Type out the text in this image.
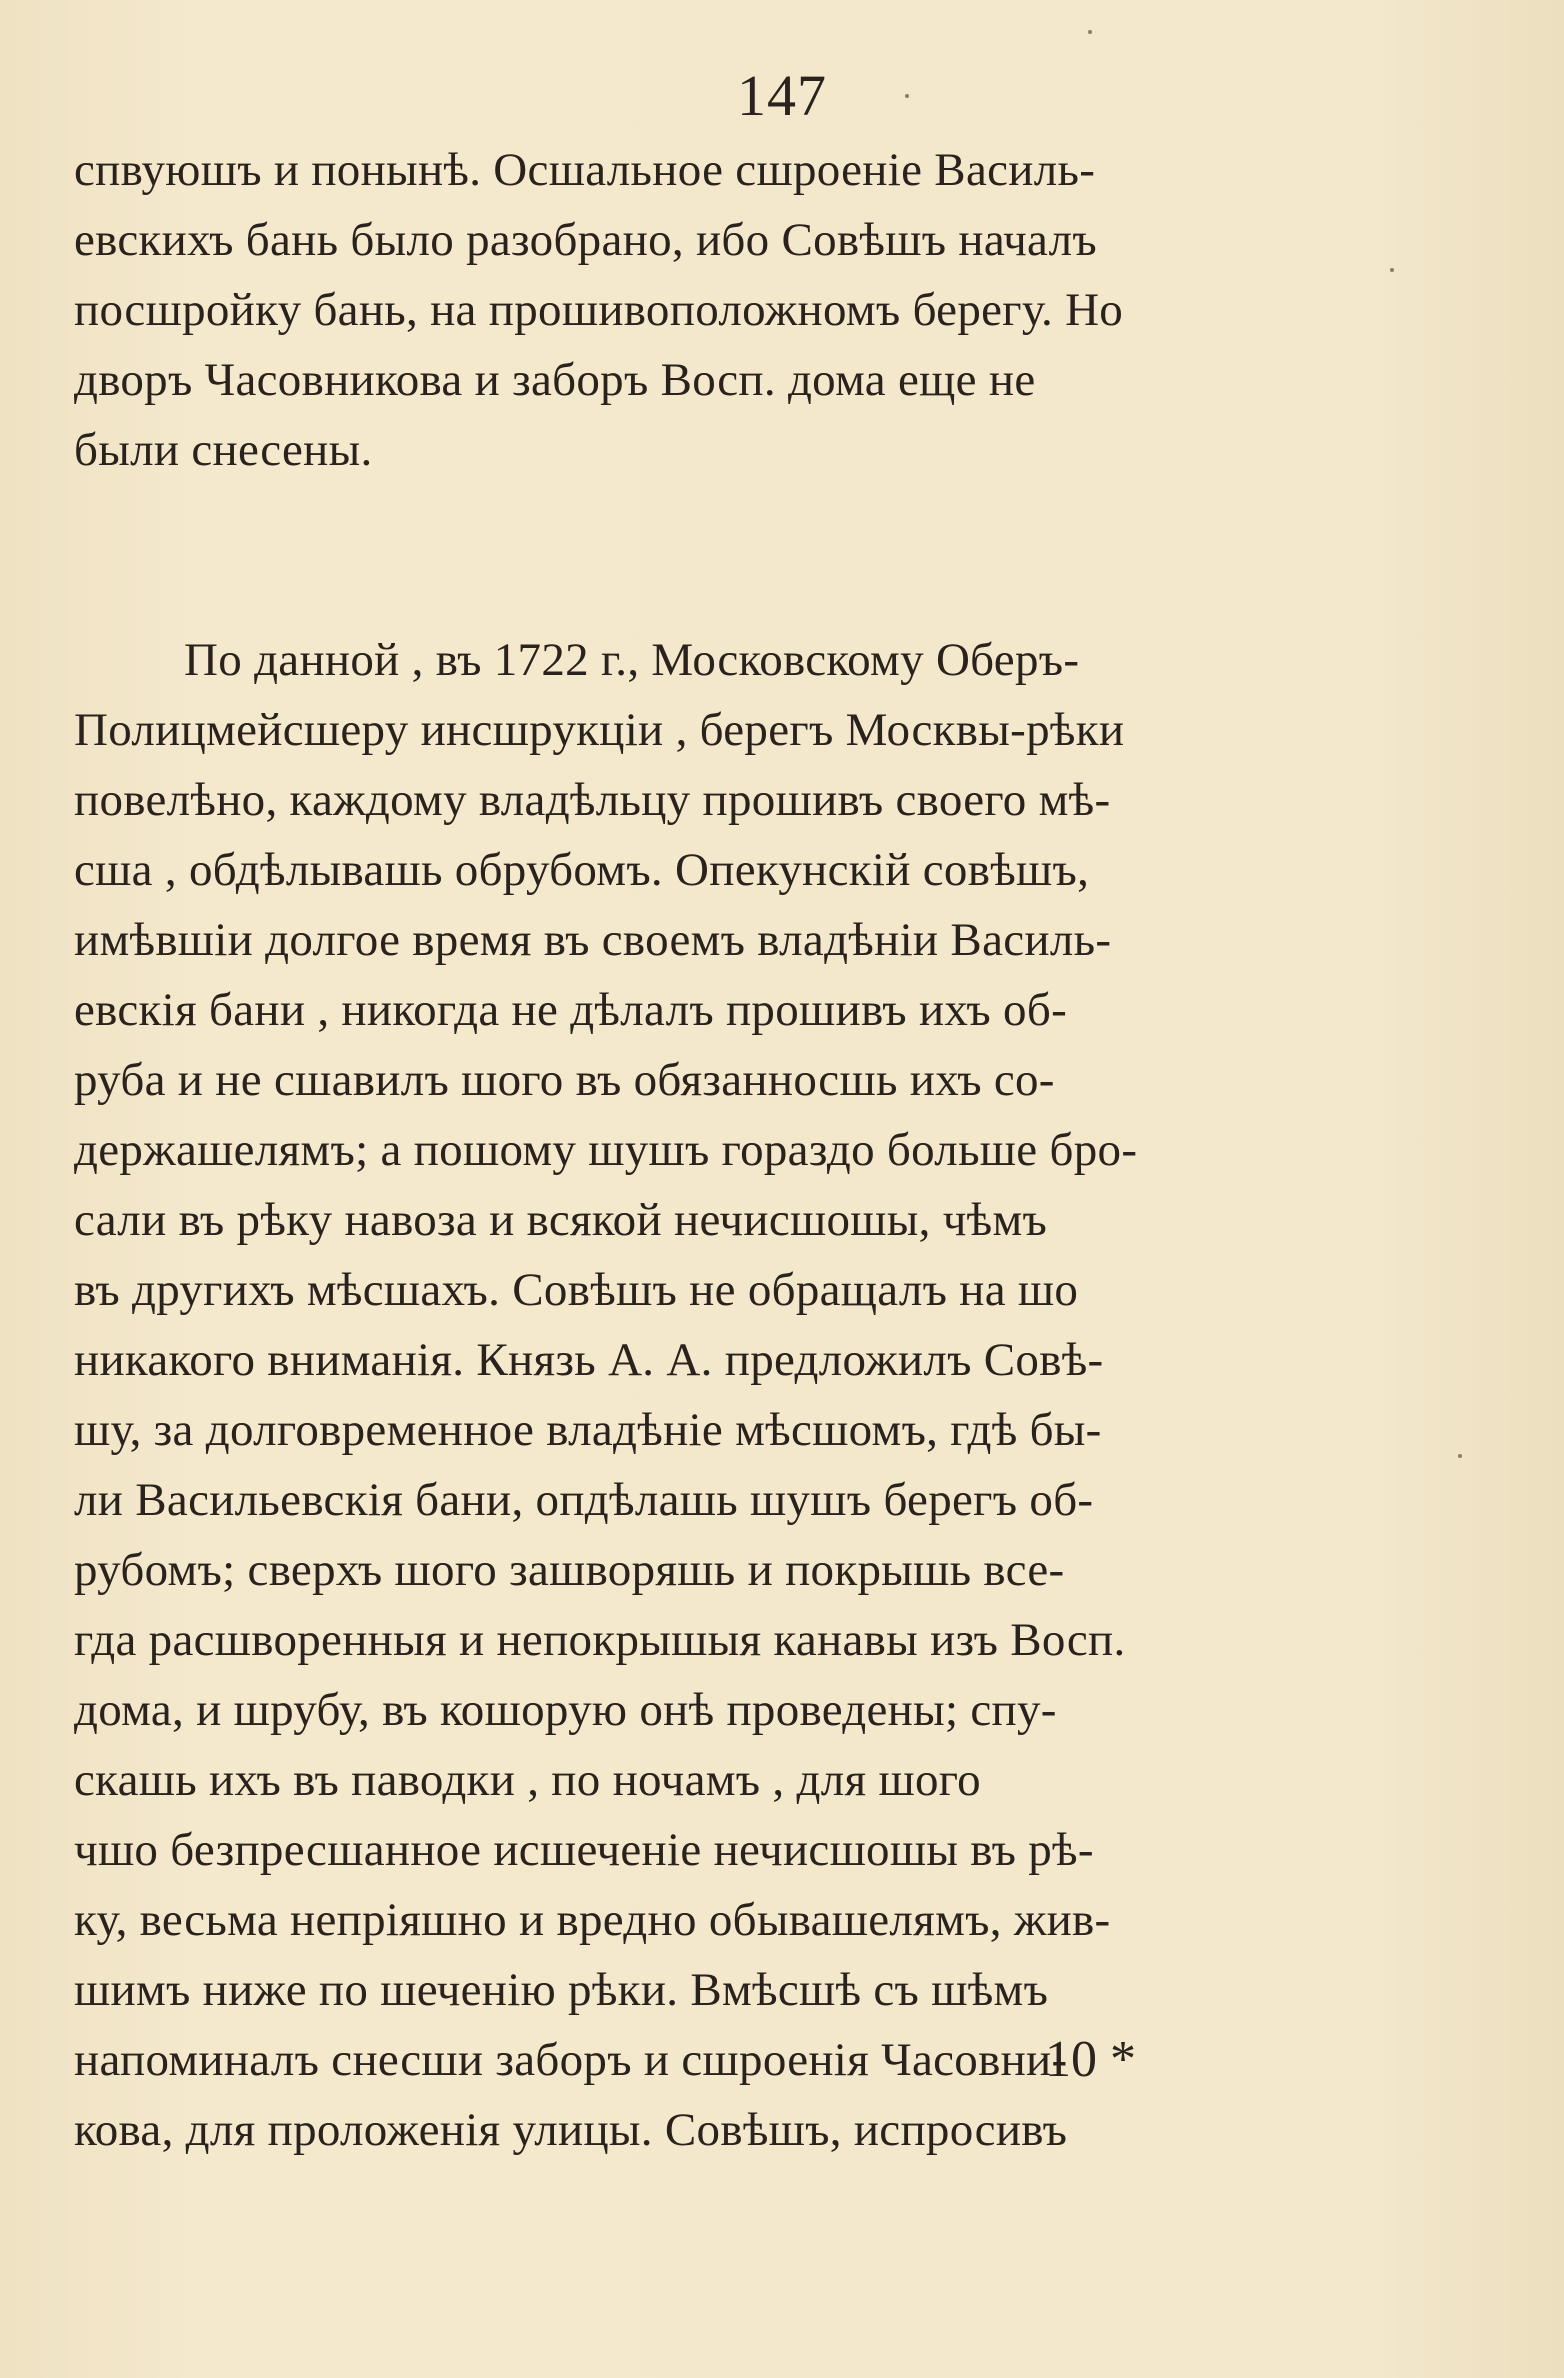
147
спвуюшъ и понынѣ. Осшальное сшроеніе Василь-
евскихъ бань было разобрано, ибо Совѣшъ началъ
посшройку бань, на прошивоположномъ берегу. Но
дворъ Часовникова и заборъ Восп. дома еще не
были снесены.
По данной , въ 1722 г., Московскому Оберъ-
Полицмейсшеру инсшрукціи , берегъ Москвы-рѣки
повелѣно, каждому владѣльцу прошивъ своего мѣ-
сша , обдѣлывашь обрубомъ. Опекунскій совѣшъ,
имѣвшіи долгое время въ своемъ владѣніи Василь-
евскія бани , никогда не дѣлалъ прошивъ ихъ об-
руба и не сшавилъ шого въ обязанносшь ихъ со-
держашелямъ; а пошому шушъ гораздо больше бро-
сали въ рѣку навоза и всякой нечисшошы, чѣмъ
въ другихъ мѣсшахъ. Совѣшъ не обращалъ на шо
никакого вниманія. Князь А. А. предложилъ Совѣ-
шу, за долговременное владѣніе мѣсшомъ, гдѣ бы-
ли Васильевскія бани, опдѣлашь шушъ берегъ об-
рубомъ; сверхъ шого зашворяшь и покрышь все-
гда расшворенныя и непокрышыя канавы изъ Восп.
дома, и шрубу, въ кошорую онѣ проведены; спу-
скашь ихъ въ паводки , по ночамъ , для шого
чшо безпресшанное исшеченіе нечисшошы въ рѣ-
ку, весьма непріяшно и вредно обывашелямъ, жив-
шимъ ниже по шеченію рѣки. Вмѣсшѣ съ шѣмъ
напоминалъ снесши заборъ и сшроенія Часовни-
кова, для проложенія улицы. Совѣшъ, испросивъ
10 *
